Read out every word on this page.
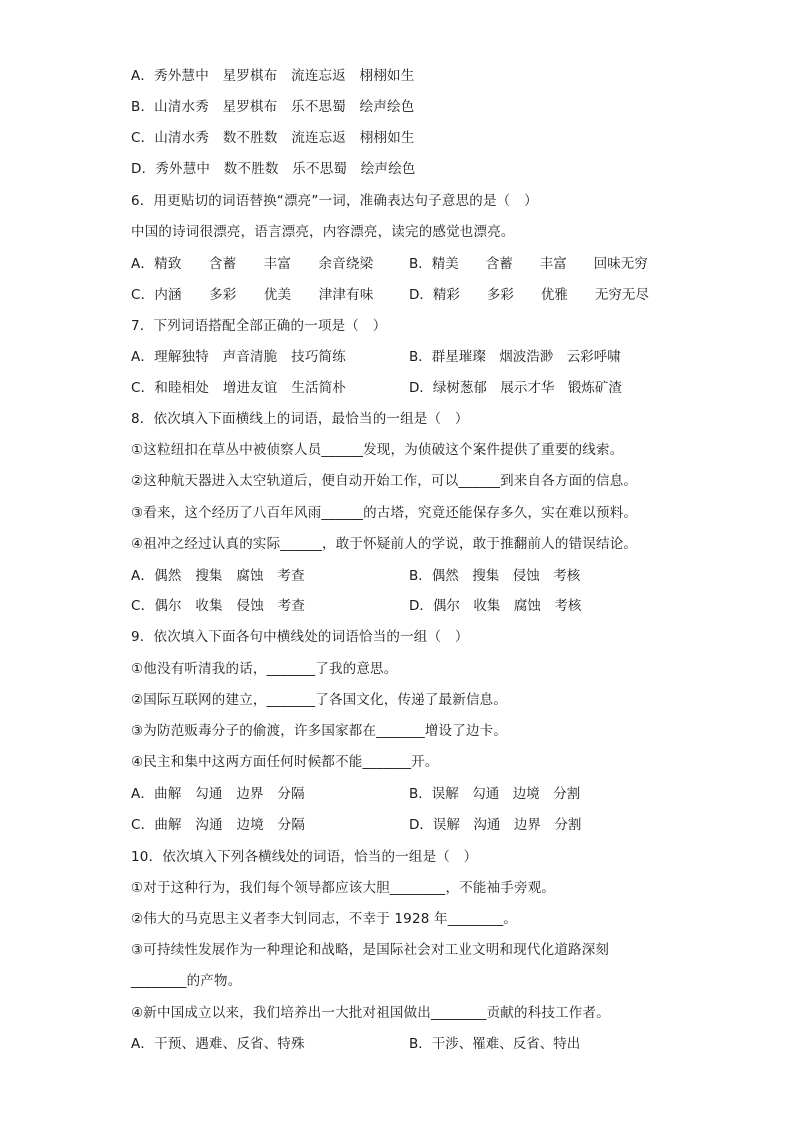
A．秀外慧中　星罗棋布　流连忘返　栩栩如生
B．山清水秀　星罗棋布　乐不思蜀　绘声绘色
C．山清水秀　数不胜数　流连忘返　栩栩如生
D．秀外慧中　数不胜数　乐不思蜀　绘声绘色
6．用更贴切的词语替换“漂亮”一词，准确表达句子意思的是（　）
中国的诗词很漂亮，语言漂亮，内容漂亮，读完的感觉也漂亮。
A．精致　　含蓄　　丰富　　余音绕梁	B．精美　　含蓄　　丰富　　回味无穷
C．内涵　　多彩　　优美　　津津有味	D．精彩　　多彩　　优雅　　无穷无尽
7．下列词语搭配全部正确的一项是（　）
A．理解独特　声音清脆　技巧简练	B．群星璀璨　烟波浩渺　云彩呼啸
C．和睦相处　增进友谊　生活简朴	D．绿树葱郁　展示才华　锻炼矿渣
8．依次填入下面横线上的词语，最恰当的一组是（　）
①这粒纽扣在草丛中被侦察人员______发现，为侦破这个案件提供了重要的线索。
②这种航天器进入太空轨道后，便自动开始工作，可以______到来自各方面的信息。
③看来，这个经历了八百年风雨______的古塔，究竟还能保存多久，实在难以预料。
④祖冲之经过认真的实际______，敢于怀疑前人的学说，敢于推翻前人的错误结论。
A．偶然　搜集　腐蚀　考查	B．偶然　搜集　侵蚀　考核
C．偶尔　收集　侵蚀　考查	D．偶尔　收集　腐蚀　考核
9．依次填入下面各句中横线处的词语恰当的一组（　）
①他没有听清我的话，_______了我的意思。
②国际互联网的建立，_______了各国文化，传递了最新信息。
③为防范贩毒分子的偷渡，许多国家都在_______增设了边卡。
④民主和集中这两方面任何时候都不能_______开。
A．曲解　勾通　边界　分隔	B．误解　勾通　边境　分割
C．曲解　沟通　边境　分隔	D．误解　沟通　边界　分割
10．依次填入下列各横线处的词语，恰当的一组是（　）
①对于这种行为，我们每个领导都应该大胆________，不能袖手旁观。
②伟大的马克思主义者李大钊同志，不幸于 1928 年________。
③可持续性发展作为一种理论和战略，是国际社会对工业文明和现代化道路深刻
________的产物。
④新中国成立以来，我们培养出一大批对祖国做出________贡献的科技工作者。
A．干预、遇难、反省、特殊	B．干涉、罹难、反省、特出
